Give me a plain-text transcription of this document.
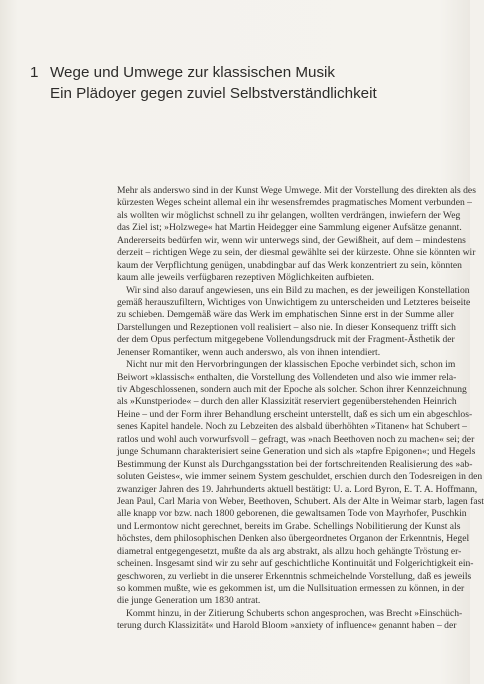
1 Wege und Umwege zur klassischen Musik
Ein Plädoyer gegen zuviel Selbstverständlichkeit
Mehr als anderswo sind in der Kunst Wege Umwege. Mit der Vorstellung des direkten als des
kürzesten Weges scheint allemal ein ihr wesensfremdes pragmatisches Moment verbunden –
als wollten wir möglichst schnell zu ihr gelangen, wollten verdrängen, inwiefern der Weg
das Ziel ist; »Holzwege« hat Martin Heidegger eine Sammlung eigener Aufsätze genannt.
Andererseits bedürfen wir, wenn wir unterwegs sind, der Gewißheit, auf dem – mindestens
derzeit – richtigen Wege zu sein, der diesmal gewählte sei der kürzeste. Ohne sie könnten wir
kaum der Verpflichtung genügen, unabdingbar auf das Werk konzentriert zu sein, könnten
kaum alle jeweils verfügbaren rezeptiven Möglichkeiten aufbieten.
Wir sind also darauf angewiesen, uns ein Bild zu machen, es der jeweiligen Konstellation
gemäß herauszufiltern, Wichtiges von Unwichtigem zu unterscheiden und Letzteres beiseite
zu schieben. Demgemäß wäre das Werk im emphatischen Sinne erst in der Summe aller
Darstellungen und Rezeptionen voll realisiert – also nie. In dieser Konsequenz trifft sich
der dem Opus perfectum mitgegebene Vollendungsdruck mit der Fragment-Ästhetik der
Jenenser Romantiker, wenn auch anderswo, als von ihnen intendiert.
Nicht nur mit den Hervorbringungen der klassischen Epoche verbindet sich, schon im
Beiwort »klassisch« enthalten, die Vorstellung des Vollendeten und also wie immer rela-
tiv Abgeschlossenen, sondern auch mit der Epoche als solcher. Schon ihrer Kennzeichnung
als »Kunstperiode« – durch den aller Klassizität reserviert gegenüberstehenden Heinrich
Heine – und der Form ihrer Behandlung erscheint unterstellt, daß es sich um ein abgeschlos-
senes Kapitel handele. Noch zu Lebzeiten des alsbald überhöhten »Titanen« hat Schubert –
ratlos und wohl auch vorwurfsvoll – gefragt, was »nach Beethoven noch zu machen« sei; der
junge Schumann charakterisiert seine Generation und sich als »tapfre Epigonen«; und Hegels
Bestimmung der Kunst als Durchgangsstation bei der fortschreitenden Realisierung des »ab-
soluten Geistes«, wie immer seinem System geschuldet, erschien durch den Todesreigen in den
zwanziger Jahren des 19. Jahrhunderts aktuell bestätigt: U. a. Lord Byron, E. T. A. Hoffmann,
Jean Paul, Carl Maria von Weber, Beethoven, Schubert. Als der Alte in Weimar starb, lagen fast
alle knapp vor bzw. nach 1800 geborenen, die gewaltsamen Tode von Mayrhofer, Puschkin
und Lermontow nicht gerechnet, bereits im Grabe. Schellings Nobilitierung der Kunst als
höchstes, dem philosophischen Denken also übergeordnetes Organon der Erkenntnis, Hegel
diametral entgegengesetzt, mußte da als arg abstrakt, als allzu hoch gehängte Tröstung er-
scheinen. Insgesamt sind wir zu sehr auf geschichtliche Kontinuität und Folgerichtigkeit ein-
geschworen, zu verliebt in die unserer Erkenntnis schmeichelnde Vorstellung, daß es jeweils
so kommen mußte, wie es gekommen ist, um die Nullsituation ermessen zu können, in der
die junge Generation um 1830 antrat.
Kommt hinzu, in der Zitierung Schuberts schon angesprochen, was Brecht »Einschüch-
terung durch Klassizität« und Harold Bloom »anxiety of influence« genannt haben – der
